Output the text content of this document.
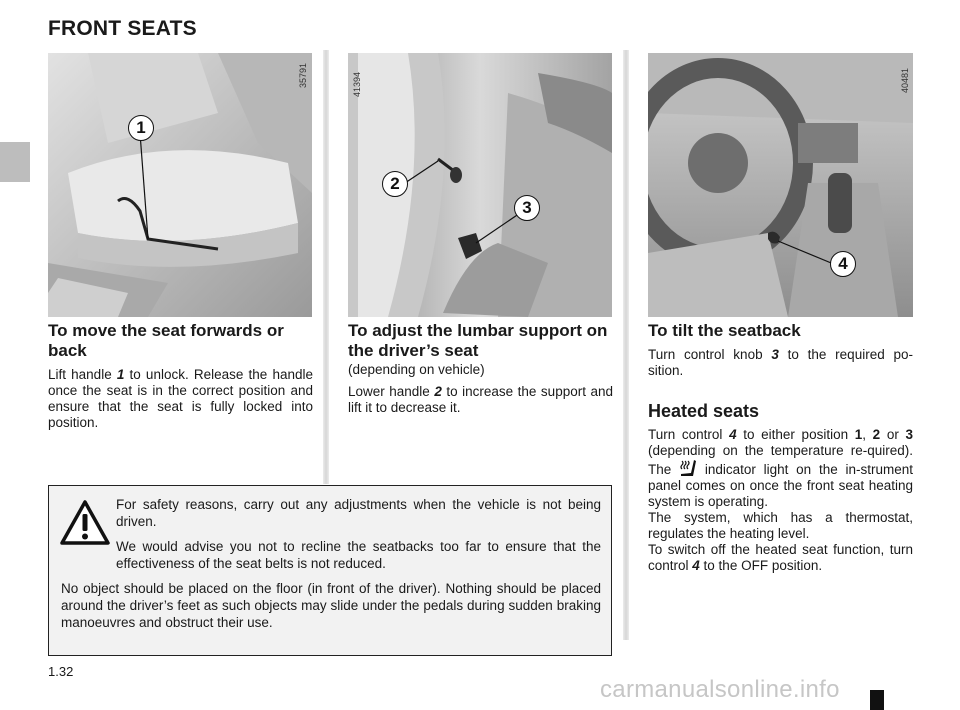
FRONT SEATS
35791
1
41394
2
3
40481
4
To move the seat forwards or back

Lift handle 1 to unlock. Release the handle once the seat is in the correct position and ensure that the seat is fully locked into position.

To adjust the lumbar support on the driver’s seat
(depending on vehicle)

Lower handle 2 to increase the support and lift it to decrease it.

To tilt the seatback

Turn control knob 3 to the required po-sition.

Heated seats

Turn control 4 to either position 1, 2 or 3 (depending on the temperature re-quired). The  indicator light on the in-strument panel comes on once the front seat heating system is operating.

The system, which has a thermostat, regulates the heating level.

To switch off the heated seat function, turn control 4 to the OFF position.

For safety reasons, carry out any adjustments when the vehicle is not being driven.

We would advise you not to recline the seatbacks too far to ensure that the effectiveness of the seat belts is not reduced.

No object should be placed on the floor (in front of the driver). Nothing should be placed around the driver’s feet as such objects may slide under the pedals during sudden braking manoeuvres and obstruct their use.

1.32
carmanualsonline.info
